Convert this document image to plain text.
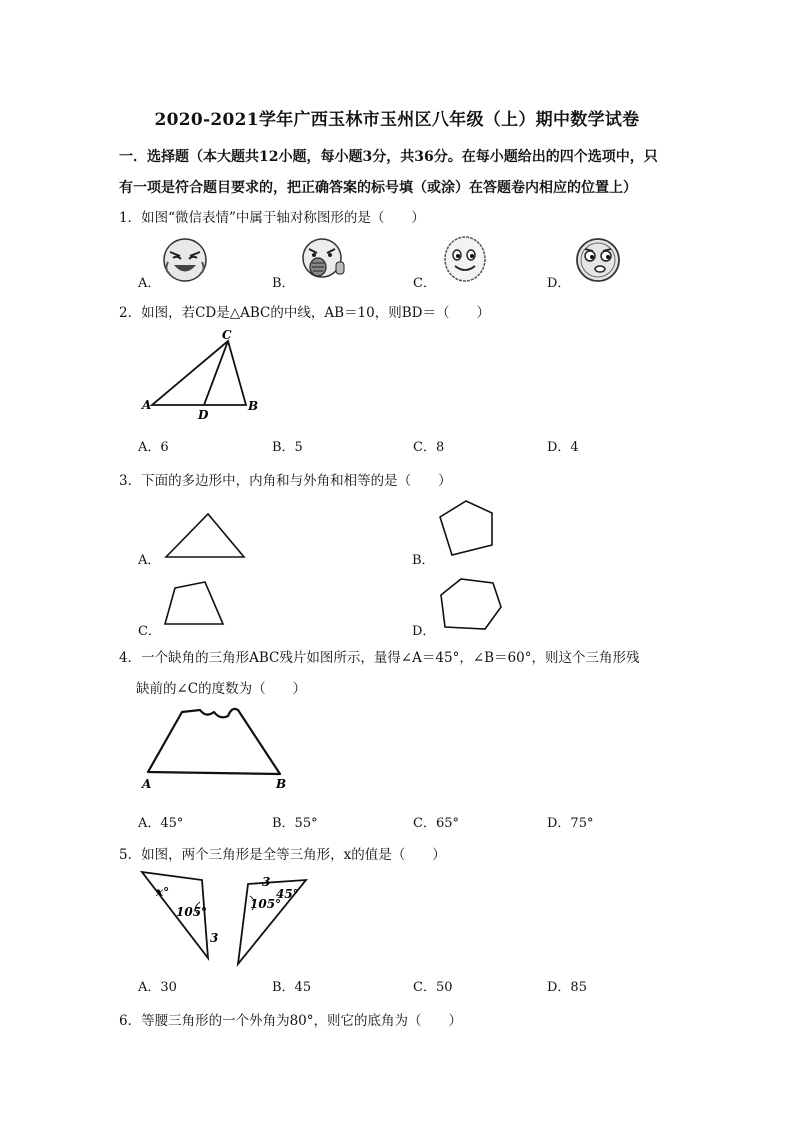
2020-2021学年广西玉林市玉州区八年级（上）期中数学试卷
一．选择题（本大题共12小题，每小题3分，共36分。在每小题给出的四个选项中，只
有一项是符合题目要求的，把正确答案的标号填（或涂）在答题卷内相应的位置上）
1．如图“微信表情”中属于轴对称图形的是（　　）
A．	B．	C．	D．
2．如图，若CD是△ABC的中线，AB＝10，则BD＝（　　）
A
D
B
C
A．6	B．5	C．8	D．4
3．下面的多边形中，内角和与外角和相等的是（　　）
A．	B．
C．	D．
4．一个缺角的三角形ABC残片如图所示，量得∠A＝45°，∠B＝60°，则这个三角形残
缺前的∠C的度数为（　　）
A	B
A．45°	B．55°	C．65°	D．75°
5．如图，两个三角形是全等三角形，x的值是（　　）
x°
105°
3
3
45°
105°
A．30	B．45	C．50	D．85
6．等腰三角形的一个外角为80°，则它的底角为（　　）
